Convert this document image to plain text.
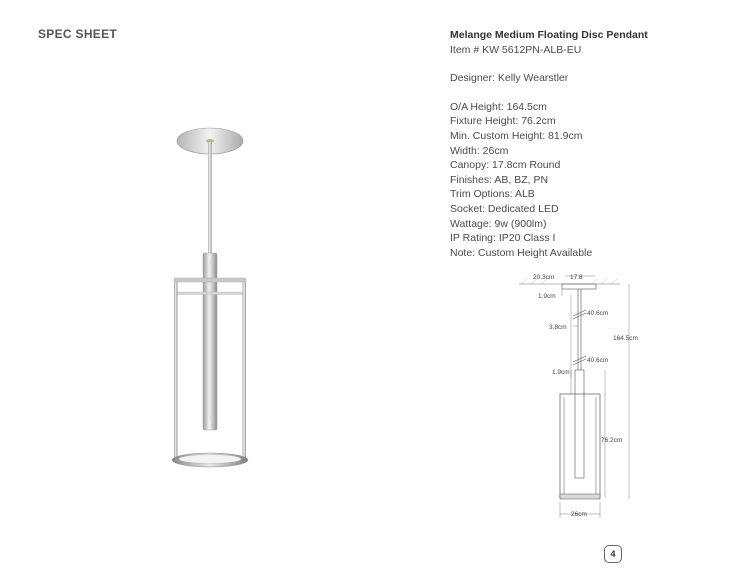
SPEC SHEET	Melange Medium Floating Disc Pendant
Item # KW 5612PN-ALB-EU
Designer: Kelly Wearstler
O/A Height: 164.5cm
Fixture Height: 76.2cm
Min. Custom Height: 81.9cm
Width: 26cm
Canopy: 17.8cm Round
Finishes: AB, BZ, PN
Trim Options: ALB
Socket: Dedicated LED
Wattage: 9w (900lm)
IP Rating: IP20 Class I
Note: Custom Height Available
20.3cm 17.8
1.9cm
40.6cm
3.8cm
164.5cm
40.6cm
1.9cm
76.2cm
26cm
4
